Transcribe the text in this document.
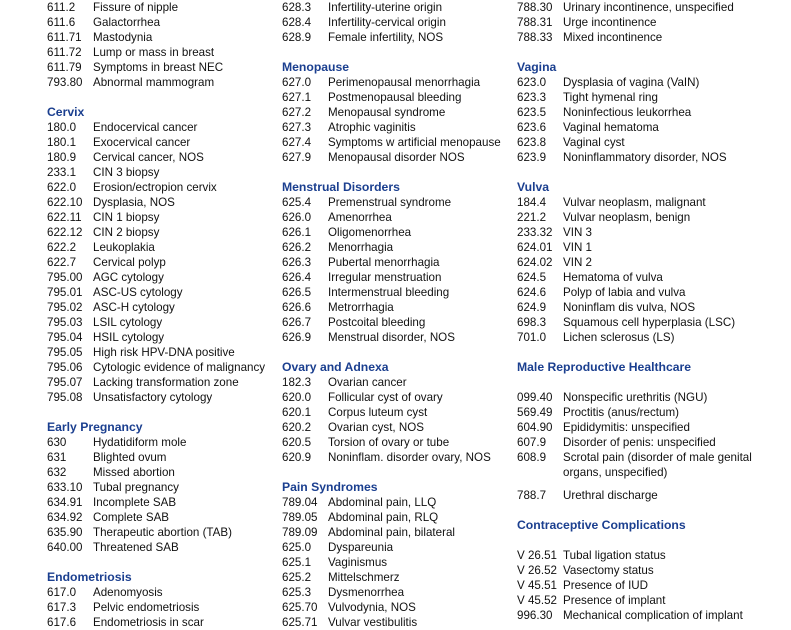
611.2	Fissure of nipple
611.6	Galactorrhea
611.71 Mastodynia
611.72 Lump or mass in breast
611.79 Symptoms in breast NEC
793.80 Abnormal mammogram
Cervix
180.0	Endocervical cancer
180.1	Exocervical cancer
180.9	Cervical cancer, NOS
233.1	CIN 3 biopsy
622.0	Erosion/ectropion cervix
622.10 Dysplasia, NOS
622.11 CIN 1 biopsy
622.12 CIN 2 biopsy
622.2	Leukoplakia
622.7	Cervical polyp
795.00 AGC cytology
795.01 ASC-US cytology
795.02 ASC-H cytology
795.03 LSIL cytology
795.04 HSIL cytology
795.05 High risk HPV-DNA positive
795.06 Cytologic evidence of malignancy
795.07 Lacking transformation zone
795.08 Unsatisfactory cytology
Early Pregnancy
630	Hydatidiform mole
631	Blighted ovum
632	Missed abortion
633.10 Tubal pregnancy
634.91 Incomplete SAB
634.92 Complete SAB
635.90 Therapeutic abortion (TAB)
640.00 Threatened SAB
Endometriosis
617.0	Adenomyosis
617.3	Pelvic endometriosis
617.6	Endometriosis in scar
628.3	Infertility-uterine origin
628.4	Infertility-cervical origin
628.9	Female infertility, NOS
Menopause
627.0	Perimenopausal menorrhagia
627.1	Postmenopausal bleeding
627.2	Menopausal syndrome
627.3	Atrophic vaginitis
627.4	Symptoms w artificial menopause
627.9	Menopausal disorder NOS
Menstrual Disorders
625.4	Premenstrual syndrome
626.0	Amenorrhea
626.1	Oligomenorrhea
626.2	Menorrhagia
626.3	Pubertal menorrhagia
626.4	Irregular menstruation
626.5	Intermenstrual bleeding
626.6	Metrorrhagia
626.7	Postcoital bleeding
626.9	Menstrual disorder, NOS
Ovary and Adnexa
182.3	Ovarian cancer
620.0	Follicular cyst of ovary
620.1	Corpus luteum cyst
620.2	Ovarian cyst, NOS
620.5	Torsion of ovary or tube
620.9	Noninflam. disorder ovary, NOS
Pain Syndromes
789.04 Abdominal pain, LLQ
789.05 Abdominal pain, RLQ
789.09 Abdominal pain, bilateral
625.0	Dyspareunia
625.1	Vaginismus
625.2	Mittelschmerz
625.3	Dysmenorrhea
625.70 Vulvodynia, NOS
625.71 Vulvar vestibulitis
788.30 Urinary incontinence, unspecified
788.31 Urge incontinence
788.33 Mixed incontinence
Vagina
623.0	Dysplasia of vagina (VaIN)
623.3	Tight hymenal ring
623.5	Noninfectious leukorrhea
623.6	Vaginal hematoma
623.8	Vaginal cyst
623.9	Noninflammatory disorder, NOS
Vulva
184.4	Vulvar neoplasm, malignant
221.2	Vulvar neoplasm, benign
233.32 VIN 3
624.01 VIN 1
624.02 VIN 2
624.5	Hematoma of vulva
624.6	Polyp of labia and vulva
624.9	Noninflam dis vulva, NOS
698.3	Squamous cell hyperplasia (LSC)
701.0	Lichen sclerosus (LS)
Male Reproductive Healthcare
099.40 Nonspecific urethritis (NGU)
569.49 Proctitis (anus/rectum)
604.90 Epididymitis: unspecified
607.9	Disorder of penis: unspecified
608.9	Scrotal pain (disorder of male genital organs, unspecified)
788.7	Urethral discharge
Contraceptive Complications
V 26.51 Tubal ligation status
V 26.52 Vasectomy status
V 45.51 Presence of IUD
V 45.52 Presence of implant
996.30 Mechanical complication of implant
